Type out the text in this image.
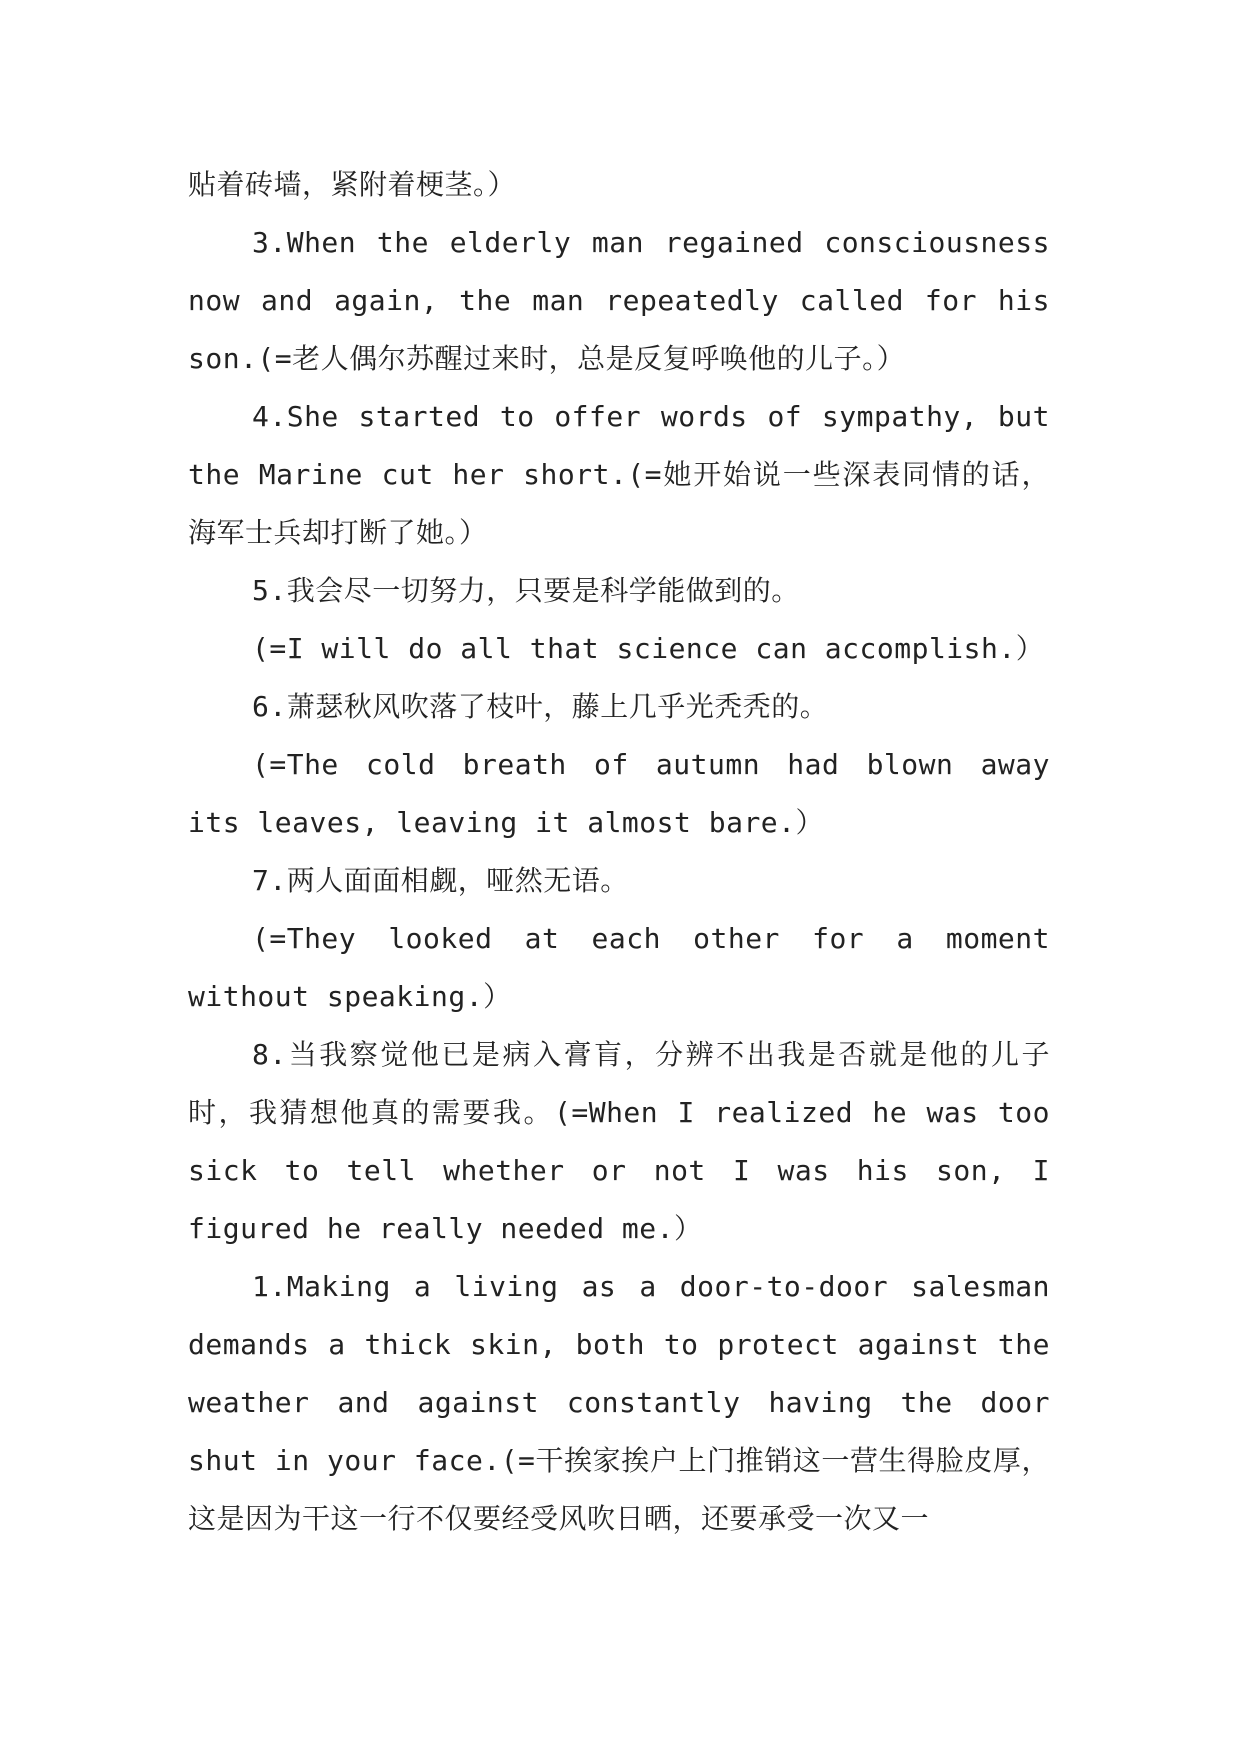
贴着砖墙，紧附着梗茎。）

3.When the elderly man regained consciousness now and again, the man repeatedly called for his son.(=老人偶尔苏醒过来时，总是反复呼唤他的儿子。）

4.She started to offer words of sympathy, but the Marine cut her short.(=她开始说一些深表同情的话，海军士兵却打断了她。）

5.我会尽一切努力，只要是科学能做到的。

(=I will do all that science can accomplish.）

6.萧瑟秋风吹落了枝叶，藤上几乎光秃秃的。

(=The cold breath of autumn had blown away its leaves, leaving it almost bare.）

7.两人面面相觑，哑然无语。

(=They looked at each other for a moment without speaking.）

8.当我察觉他已是病入膏肓，分辨不出我是否就是他的儿子时，我猜想他真的需要我。(=When I realized he was too sick to tell whether or not I was his son, I figured he really needed me.）

1.Making a living as a door-to-door salesman demands a thick skin, both to protect against the weather and against constantly having the door shut in your face.(=干挨家挨户上门推销这一营生得脸皮厚，这是因为干这一行不仅要经受风吹日晒，还要承受一次又一
